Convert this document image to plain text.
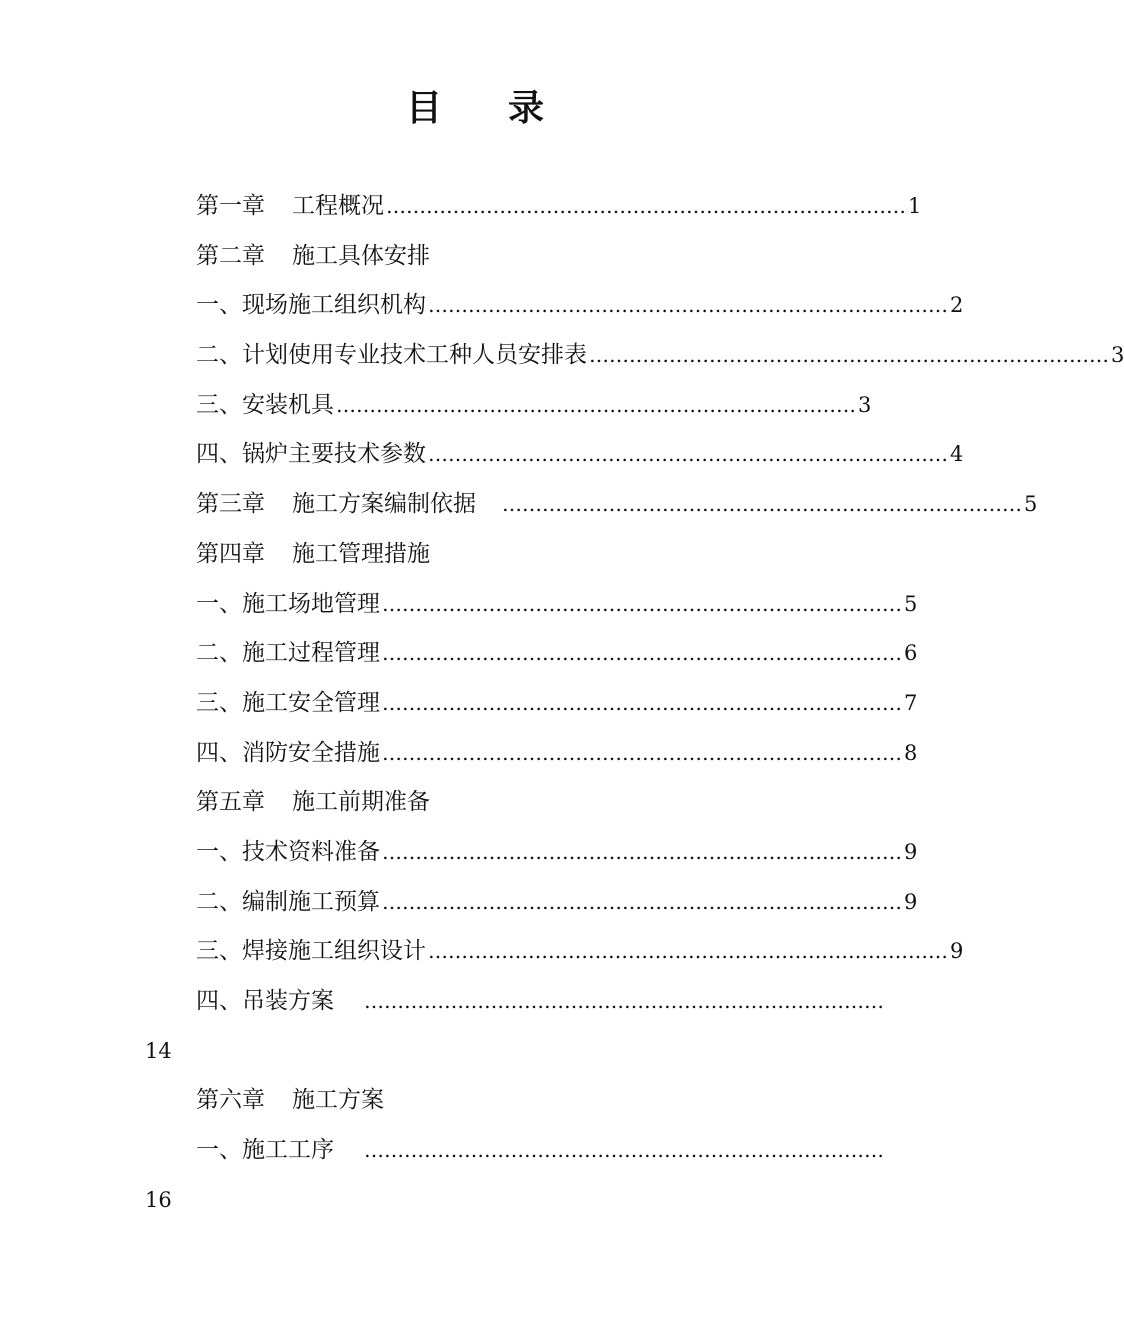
目 录
第一章 工程概况 …………………………………………………………………… 1
第二章 施工具体安排
一、现场施工组织机构 …………………………………………………………………… 2
二、计划使用专业技术工种人员安排表 …………………………………………………………………… 3
三、安装机具 …………………………………………………………………… 3
四、锅炉主要技术参数 …………………………………………………………………… 4
第三章 施工方案编制依据 …………………………………………………………………… 5
第四章 施工管理措施
一、施工场地管理 …………………………………………………………………… 5
二、施工过程管理 …………………………………………………………………… 6
三、施工安全管理 …………………………………………………………………… 7
四、消防安全措施 …………………………………………………………………… 8
第五章 施工前期准备
一、技术资料准备 …………………………………………………………………… 9
二、编制施工预算 …………………………………………………………………… 9
三、焊接施工组织设计 …………………………………………………………………… 9
四、吊装方案 ……………………………………………………………………
14
第六章 施工方案
一、施工工序 ……………………………………………………………………
16
